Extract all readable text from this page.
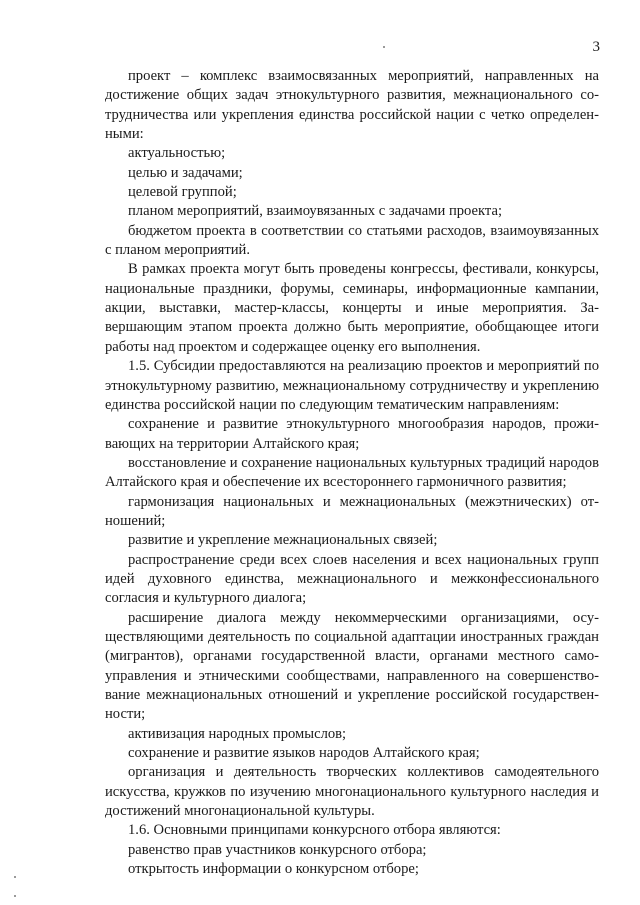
3

проект – комплекс взаимосвязанных мероприятий, направленных на достижение общих задач этнокультурного развития, межнационального сотрудничества или укрепления единства российской нации с четко определенными:

актуальностью;

целью и задачами;

целевой группой;

планом мероприятий, взаимоувязанных с задачами проекта;

бюджетом проекта в соответствии со статьями расходов, взаимоувязанных с планом мероприятий.

В рамках проекта могут быть проведены конгрессы, фестивали, конкурсы, национальные праздники, форумы, семинары, информационные кампании, акции, выставки, мастер-классы, концерты и иные мероприятия. Завершающим этапом проекта должно быть мероприятие, обобщающее итоги работы над проектом и содержащее оценку его выполнения.

1.5. Субсидии предоставляются на реализацию проектов и мероприятий по этнокультурному развитию, межнациональному сотрудничеству и укреплению единства российской нации по следующим тематическим направлениям:

сохранение и развитие этнокультурного многообразия народов, проживающих на территории Алтайского края;

восстановление и сохранение национальных культурных традиций народов Алтайского края и обеспечение их всестороннего гармоничного развития;

гармонизация национальных и межнациональных (межэтнических) отношений;

развитие и укрепление межнациональных связей;

распространение среди всех слоев населения и всех национальных групп идей духовного единства, межнационального и межконфессионального согласия и культурного диалога;

расширение диалога между некоммерческими организациями, осуществляющими деятельность по социальной адаптации иностранных граждан (мигрантов), органами государственной власти, органами местного самоуправления и этническими сообществами, направленного на совершенствование межнациональных отношений и укрепление российской государственности;

активизация народных промыслов;

сохранение и развитие языков народов Алтайского края;

организация и деятельность творческих коллективов самодеятельного искусства, кружков по изучению многонационального культурного наследия и достижений многонациональной культуры.

1.6. Основными принципами конкурсного отбора являются:

равенство прав участников конкурсного отбора;

открытость информации о конкурсном отборе;
